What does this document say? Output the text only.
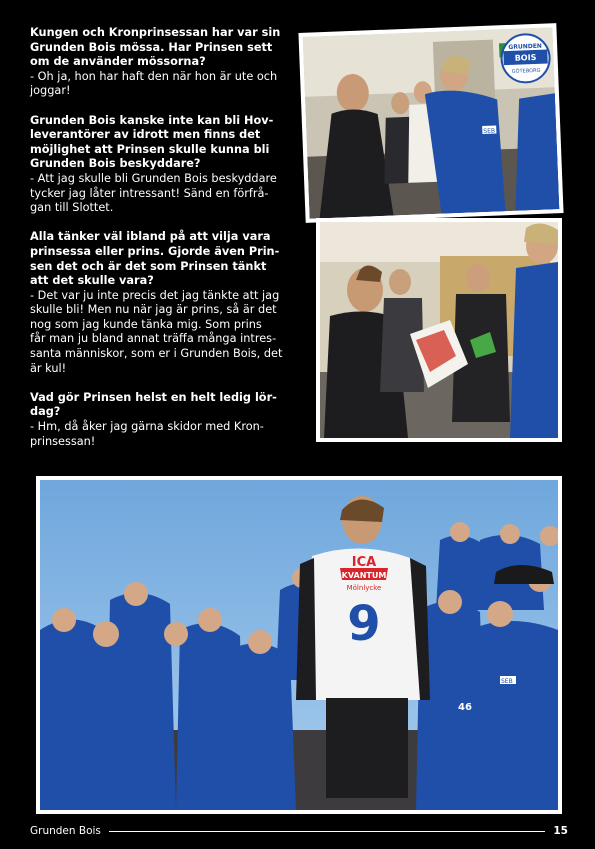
Kungen och Kronprinsessan har var sin
Grunden Bois mössa. Har Prinsen sett
om de använder mössorna?
- Oh ja, hon har haft den när hon är ute och
joggar!
Grunden Bois kanske inte kan bli Hov-
leverantörer av idrott men finns det
möjlighet att Prinsen skulle kunna bli
Grunden Bois beskyddare?
- Att jag skulle bli Grunden Bois beskyddare
tycker jag låter intressant! Sänd en förfrå-
gan till Slottet.
Alla tänker väl ibland på att vilja vara
prinsessa eller prins. Gjorde även Prin-
sen det och är det som Prinsen tänkt
att det skulle vara?
- Det var ju inte precis det jag tänkte att jag
skulle bli! Men nu när jag är prins, så är det
nog som jag kunde tänka mig. Som prins
får man ju bland annat träffa många intres-
santa människor, som er i Grunden Bois, det
är kul!
Vad gör Prinsen helst en helt ledig lör-
dag?
- Hm, då åker jag gärna skidor med Kron-
prinsessan!
SEB
GRUNDEN
BOIS
GÖTEBORG
ICA
KVANTUM
Mölnlycke
9
SEB
46
Grunden Bois	15
